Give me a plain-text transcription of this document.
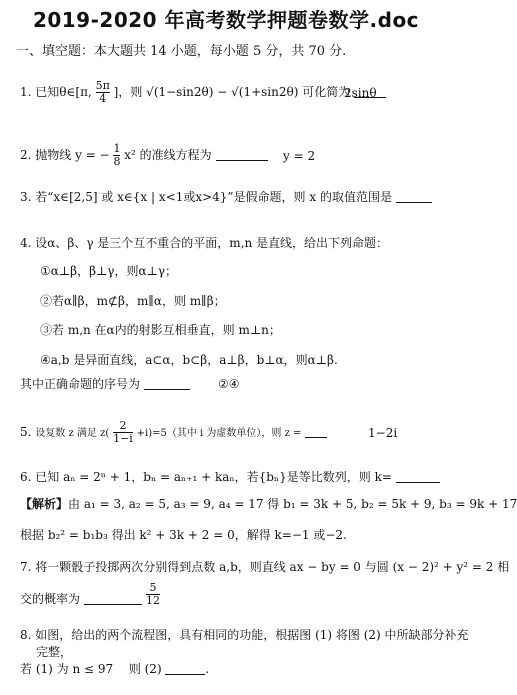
2019-2020 年高考数学押题卷数学.doc
一、填空题：本大题共 14 小题，每小题 5 分，共 70 分.
1. 已知θ∈[π, $\frac{5\pi}{4}$ ]，则 √(1−sin2θ) − √(1+sin2θ) 可化简为
2sinθ
2. 抛物线 y = − $\frac{1}{8} x^2$ 的准线方程为	y = 2
3. 若“x∈[2,5] 或 x∈{x | x<1或x>4}”是假命题，则 x 的取值范围是
4. 设α、β、γ 是三个互不重合的平面，m,n 是直线，给出下列命题：
①α⊥β，β⊥γ，则α⊥γ；
②若α∥β，m⊄β，m∥α，则 m∥β；
③若 m,n 在α内的射影互相垂直，则 m⊥n；
④a,b 是异面直线，a⊂α，b⊂β，a⊥β，b⊥α，则α⊥β.
其中正确命题的序号为	②④
5. 设复数 z 满足 $z( \frac{2}{1-i} +i)=5$（其中 i 为虚数单位），则 z =	1−2i
6. 已知 aₙ = 2ⁿ + 1，bₙ = aₙ₊₁ + kaₙ，若{bₙ}是等比数列，则 k=
【解析】由 a₁ = 3, a₂ = 5, a₃ = 9, a₄ = 17 得 b₁ = 3k + 5, b₂ = 5k + 9, b₃ = 9k + 17
根据 b₂² = b₁b₃ 得出 k² + 3k + 2 = 0，解得 k=−1 或−2.
7. 将一颗骰子投掷两次分别得到点数 a,b，则直线 ax − by = 0 与圆 (x − 2)² + y² = 2 相
交的概率为	$\frac{5}{12}$
8. 如图，给出的两个流程图，具有相同的功能，根据图 (1) 将图 (2) 中所缺部分补充
完整，
若 (1) 为 n ≤ 97 则 (2)	.
